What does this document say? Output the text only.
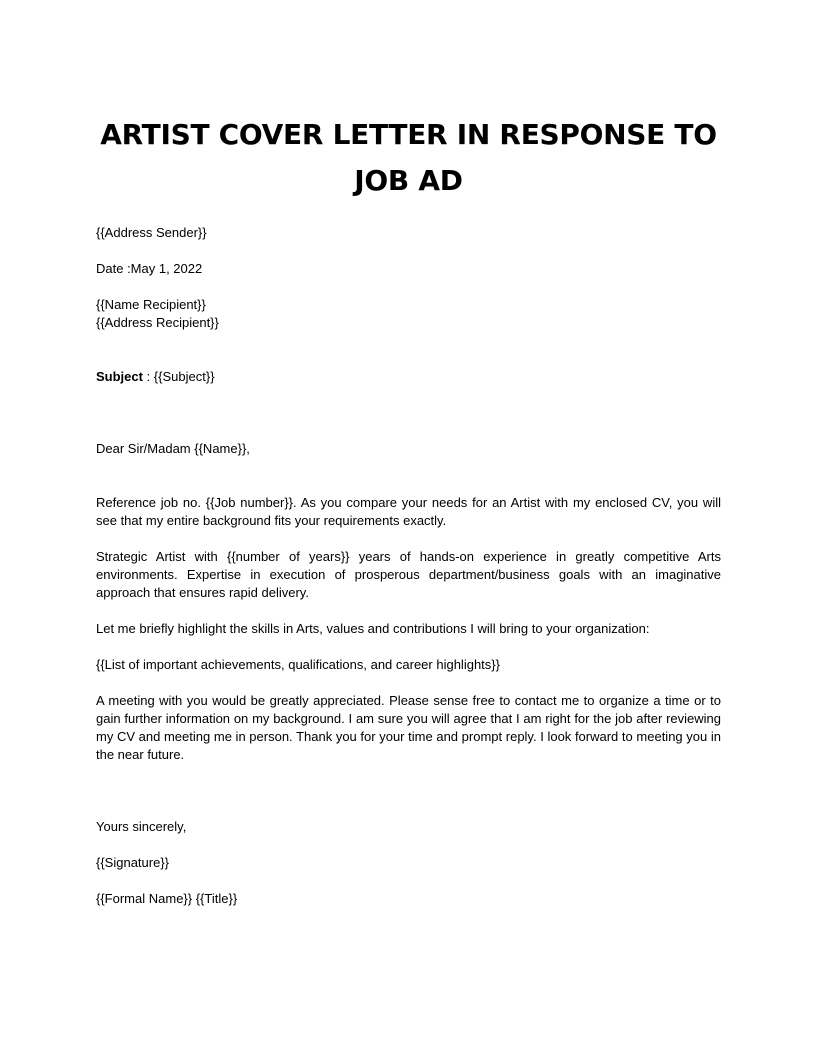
ARTIST COVER LETTER IN RESPONSE TO
JOB AD
{{Address Sender}}
Date :May 1, 2022
{{Name Recipient}}
{{Address Recipient}}
Subject : {{Subject}}
Dear Sir/Madam {{Name}},

Reference job no. {{Job number}}. As you compare your needs for an Artist with my enclosed CV, you will see that my entire background fits your requirements exactly.

Strategic Artist with {{number of years}} years of hands-on experience in greatly competitive Arts environments. Expertise in execution of prosperous department/business goals with an imaginative approach that ensures rapid delivery.

Let me briefly highlight the skills in Arts, values and contributions I will bring to your organization:

{{List of important achievements, qualifications, and career highlights}}

A meeting with you would be greatly appreciated. Please sense free to contact me to organize a time or to gain further information on my background. I am sure you will agree that I am right for the job after reviewing my CV and meeting me in person. Thank you for your time and prompt reply. I look forward to meeting you in the near future.

Yours sincerely,
{{Signature}}
{{Formal Name}} {{Title}}
